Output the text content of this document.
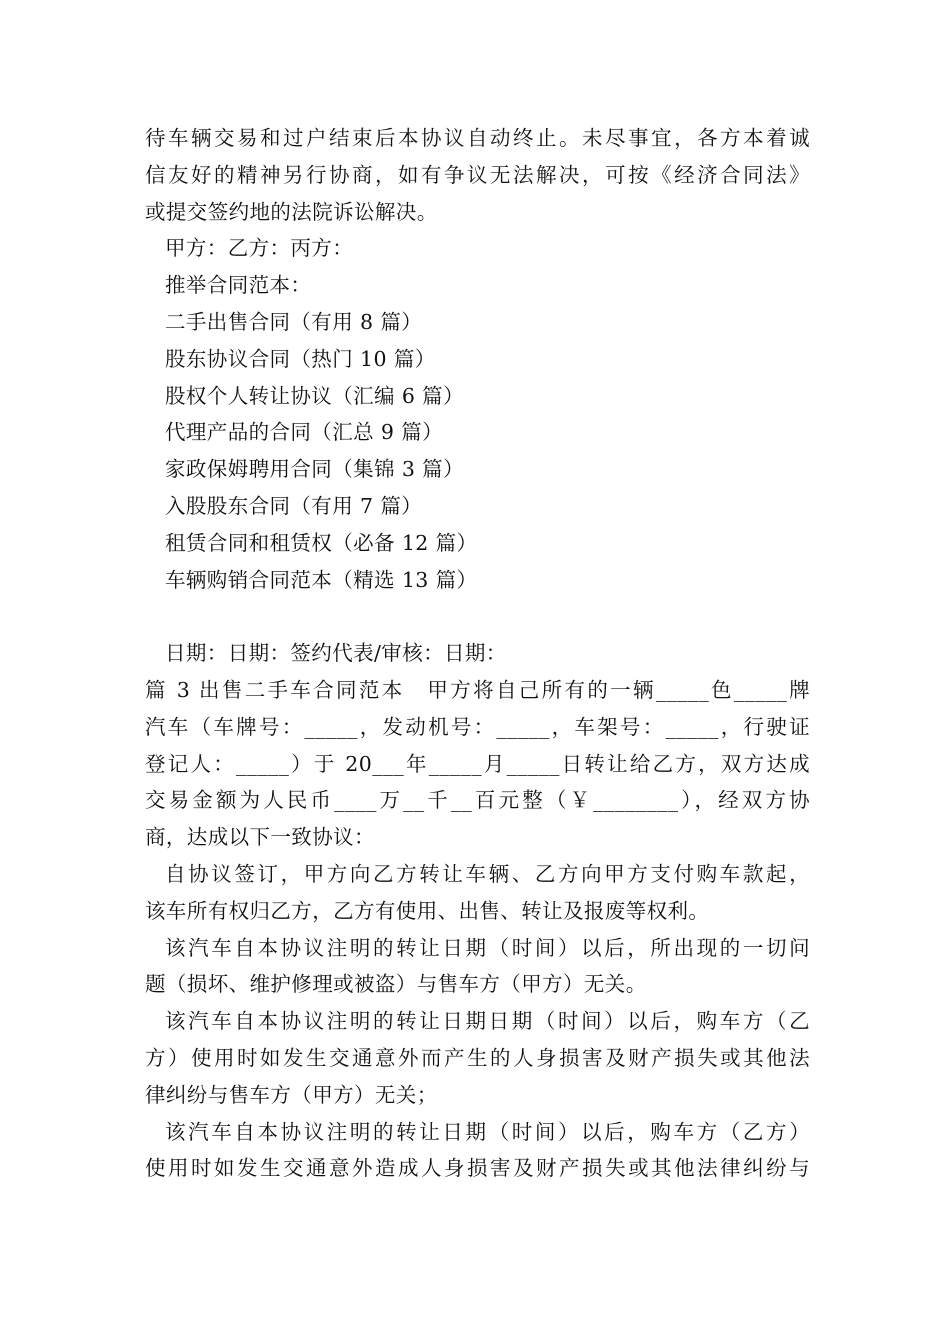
待车辆交易和过户结束后本协议自动终止。未尽事宜，各方本着诚
信友好的精神另行协商，如有争议无法解决，可按《经济合同法》
或提交签约地的法院诉讼解决。
甲方：乙方：丙方：
推举合同范本：
二手出售合同（有用 8 篇）
股东协议合同（热门 10 篇）
股权个人转让协议（汇编 6 篇）
代理产品的合同（汇总 9 篇）
家政保姆聘用合同（集锦 3 篇）
入股股东合同（有用 7 篇）
租赁合同和租赁权（必备 12 篇）
车辆购销合同范本（精选 13 篇）
日期：日期：签约代表/审核：日期：
篇 3 出售二手车合同范本　甲方将自己所有的一辆_____色_____牌
汽车（车牌号：_____，发动机号：_____，车架号：_____，行驶证
登记人：_____）于 20___年_____月_____日转让给乙方，双方达成
交易金额为人民币____万__千__百元整（￥________），经双方协
商，达成以下一致协议：
自协议签订，甲方向乙方转让车辆、乙方向甲方支付购车款起，
该车所有权归乙方，乙方有使用、出售、转让及报废等权利。
该汽车自本协议注明的转让日期（时间）以后，所出现的一切问
题（损坏、维护修理或被盗）与售车方（甲方）无关。
该汽车自本协议注明的转让日期日期（时间）以后，购车方（乙
方）使用时如发生交通意外而产生的人身损害及财产损失或其他法
律纠纷与售车方（甲方）无关；
该汽车自本协议注明的转让日期（时间）以后，购车方（乙方）
使用时如发生交通意外造成人身损害及财产损失或其他法律纠纷与
